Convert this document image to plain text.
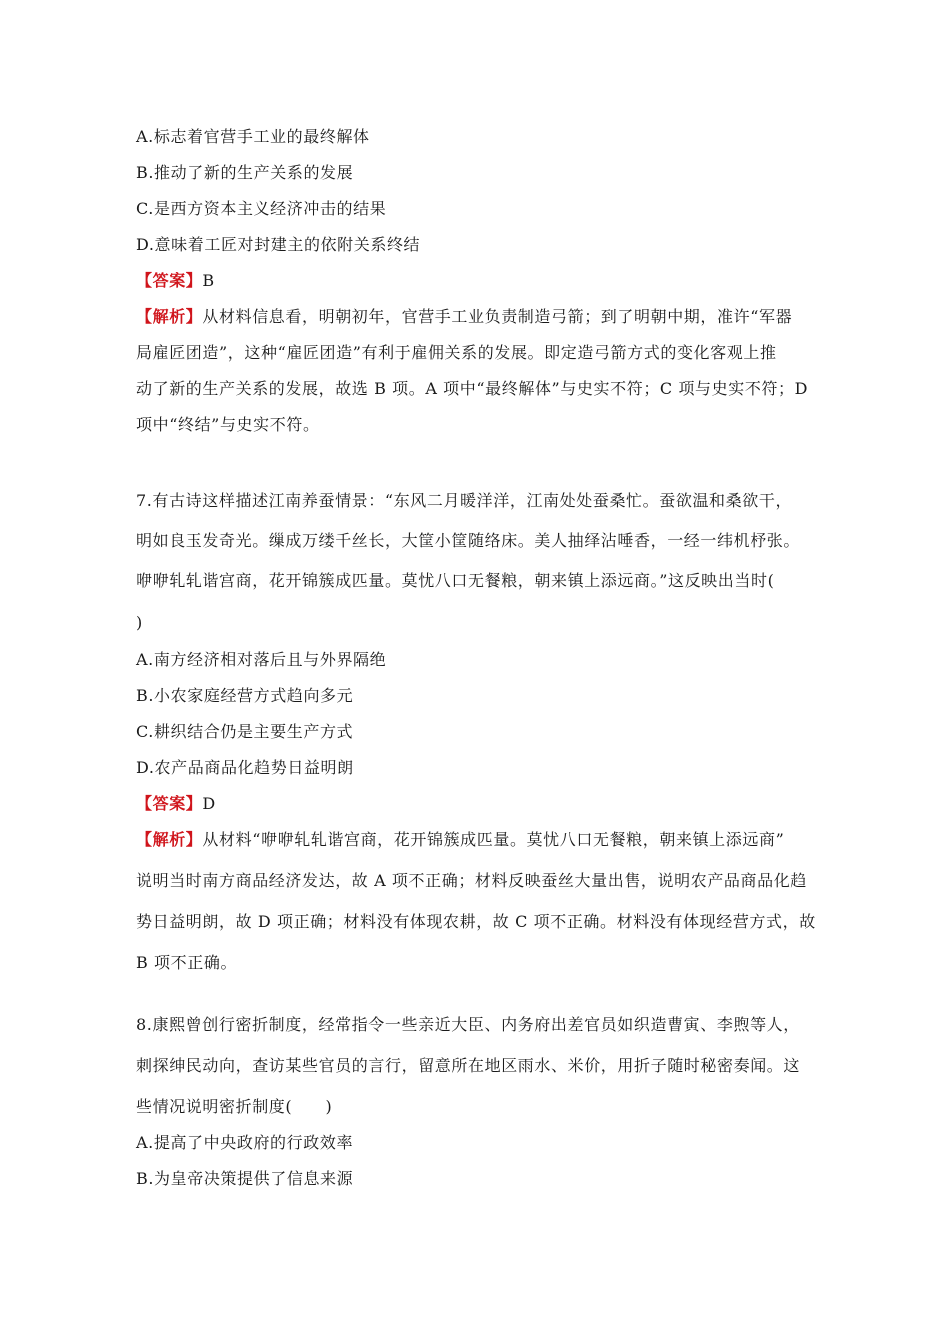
A.标志着官营手工业的最终解体
B.推动了新的生产关系的发展
C.是西方资本主义经济冲击的结果
D.意味着工匠对封建主的依附关系终结
【答案】B
【解析】从材料信息看，明朝初年，官营手工业负责制造弓箭；到了明朝中期，准许“军器
局雇匠团造”，这种“雇匠团造”有利于雇佣关系的发展。即定造弓箭方式的变化客观上推
动了新的生产关系的发展，故选 B 项。A 项中“最终解体”与史实不符；C 项与史实不符；D
项中“终结”与史实不符。
7.有古诗这样描述江南养蚕情景：“东风二月暖洋洋，江南处处蚕桑忙。蚕欲温和桑欲干，
明如良玉发奇光。缫成万缕千丝长，大筐小筐随络床。美人抽绎沾唾香，一经一纬机杼张。
咿咿轧轧谐宫商，花开锦簇成匹量。莫忧八口无餐粮，朝来镇上添远商。”这反映出当时(
)
A.南方经济相对落后且与外界隔绝
B.小农家庭经营方式趋向多元
C.耕织结合仍是主要生产方式
D.农产品商品化趋势日益明朗
【答案】D
【解析】从材料“咿咿轧轧谐宫商，花开锦簇成匹量。莫忧八口无餐粮，朝来镇上添远商”
说明当时南方商品经济发达，故 A 项不正确；材料反映蚕丝大量出售，说明农产品商品化趋
势日益明朗，故 D 项正确；材料没有体现农耕，故 C 项不正确。材料没有体现经营方式，故
B 项不正确。
8.康熙曾创行密折制度，经常指令一些亲近大臣、内务府出差官员如织造曹寅、李煦等人，
刺探绅民动向，查访某些官员的言行，留意所在地区雨水、米价，用折子随时秘密奏闻。这
些情况说明密折制度(　　)
A.提高了中央政府的行政效率
B.为皇帝决策提供了信息来源
